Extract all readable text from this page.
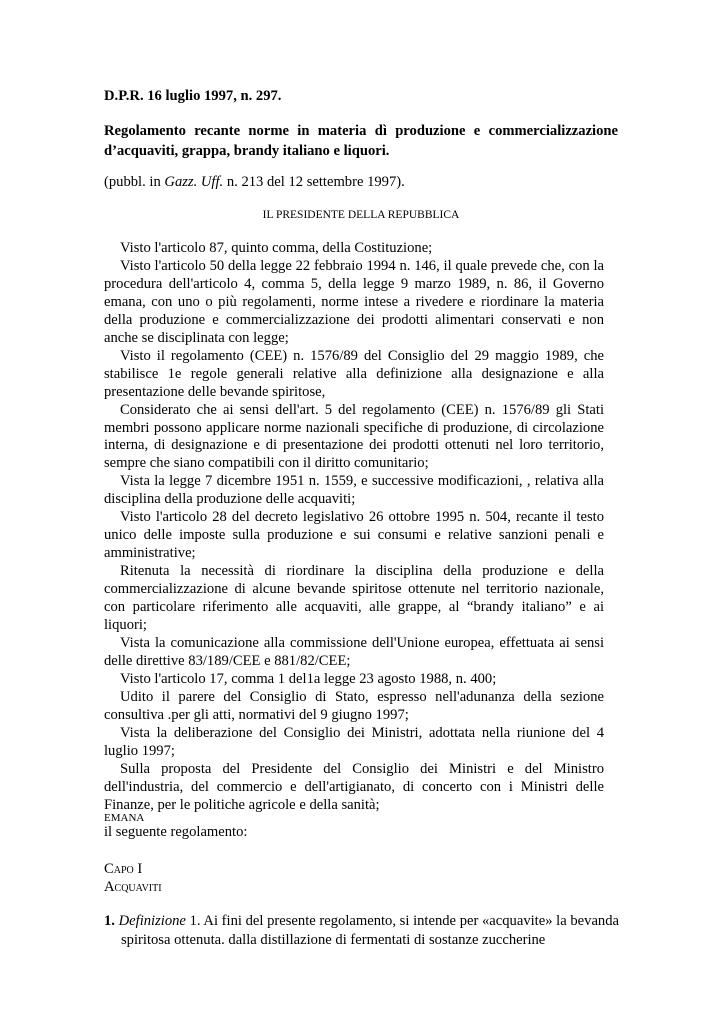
D.P.R. 16 luglio 1997, n. 297.

Regolamento recante norme in materia dì produzione e commercializzazione d’acquaviti, grappa, brandy italiano e liquori.

(pubbl. in Gazz. Uff. n. 213 del 12 settembre 1997).

IL PRESIDENTE DELLA REPUBBLICA

Visto l'articolo 87, quinto comma, della Costituzione;

Visto l'articolo 50 della legge 22 febbraio 1994 n. 146, il quale prevede che, con la procedura dell'articolo 4, comma 5, della legge 9 marzo 1989, n. 86, il Governo emana, con uno o più regolamenti, norme intese a rivedere e riordinare la materia della produzione e commercializzazione dei prodotti alimentari conservati e non anche se disciplinata con legge;

Visto il regolamento (CEE) n. 1576/89 del Consiglio del 29 maggio 1989, che stabilisce 1e regole generali relative alla definizione alla designazione e alla presentazione delle bevande spiritose,

Considerato che ai sensi dell'art. 5 del regolamento (CEE) n. 1576/89 gli Stati membri possono applicare norme nazionali specifiche di produzione, di circolazione interna, di designazione e di presentazione dei prodotti ottenuti nel loro territorio, sempre che siano compatibili con il diritto comunitario;

Vista la legge 7 dicembre 1951 n. 1559, e successive modificazioni, , relativa alla disciplina della produzione delle acquaviti;

Visto l'articolo 28 del decreto legislativo 26 ottobre 1995 n. 504, recante il testo unico delle imposte sulla produzione e sui consumi e relative sanzioni penali e amministrative;

Ritenuta la necessità di riordinare la disciplina della produzione e della commercializzazione di alcune bevande spiritose ottenute nel territorio nazionale, con particolare riferimento alle acquaviti, alle grappe, al “brandy italiano” e ai liquori;

Vista la comunicazione alla commissione dell'Unione europea, effettuata ai sensi delle direttive 83/189/CEE e 881/82/CEE;

Visto l'articolo 17, comma 1 del1a legge 23 agosto 1988, n. 400;

Udito il parere del Consiglio di Stato, espresso nell'adunanza della sezione consultiva .per gli atti, normativi del 9 giugno 1997;

Vista la deliberazione del Consiglio dei Ministri, adottata nella riunione del 4 luglio 1997;

Sulla proposta del Presidente del Consiglio dei Ministri e del Ministro dell'industria, del commercio e dell'artigianato, di concerto con i Ministri delle Finanze, per le politiche agricole e della sanità;

EMANA

il seguente regolamento:

Capo I
Acquaviti

1. Definizione 1. Ai fini del presente regolamento, si intende per «acquavite» la bevanda spiritosa ottenuta. dalla distillazione di fermentati di sostanze zuccherine
